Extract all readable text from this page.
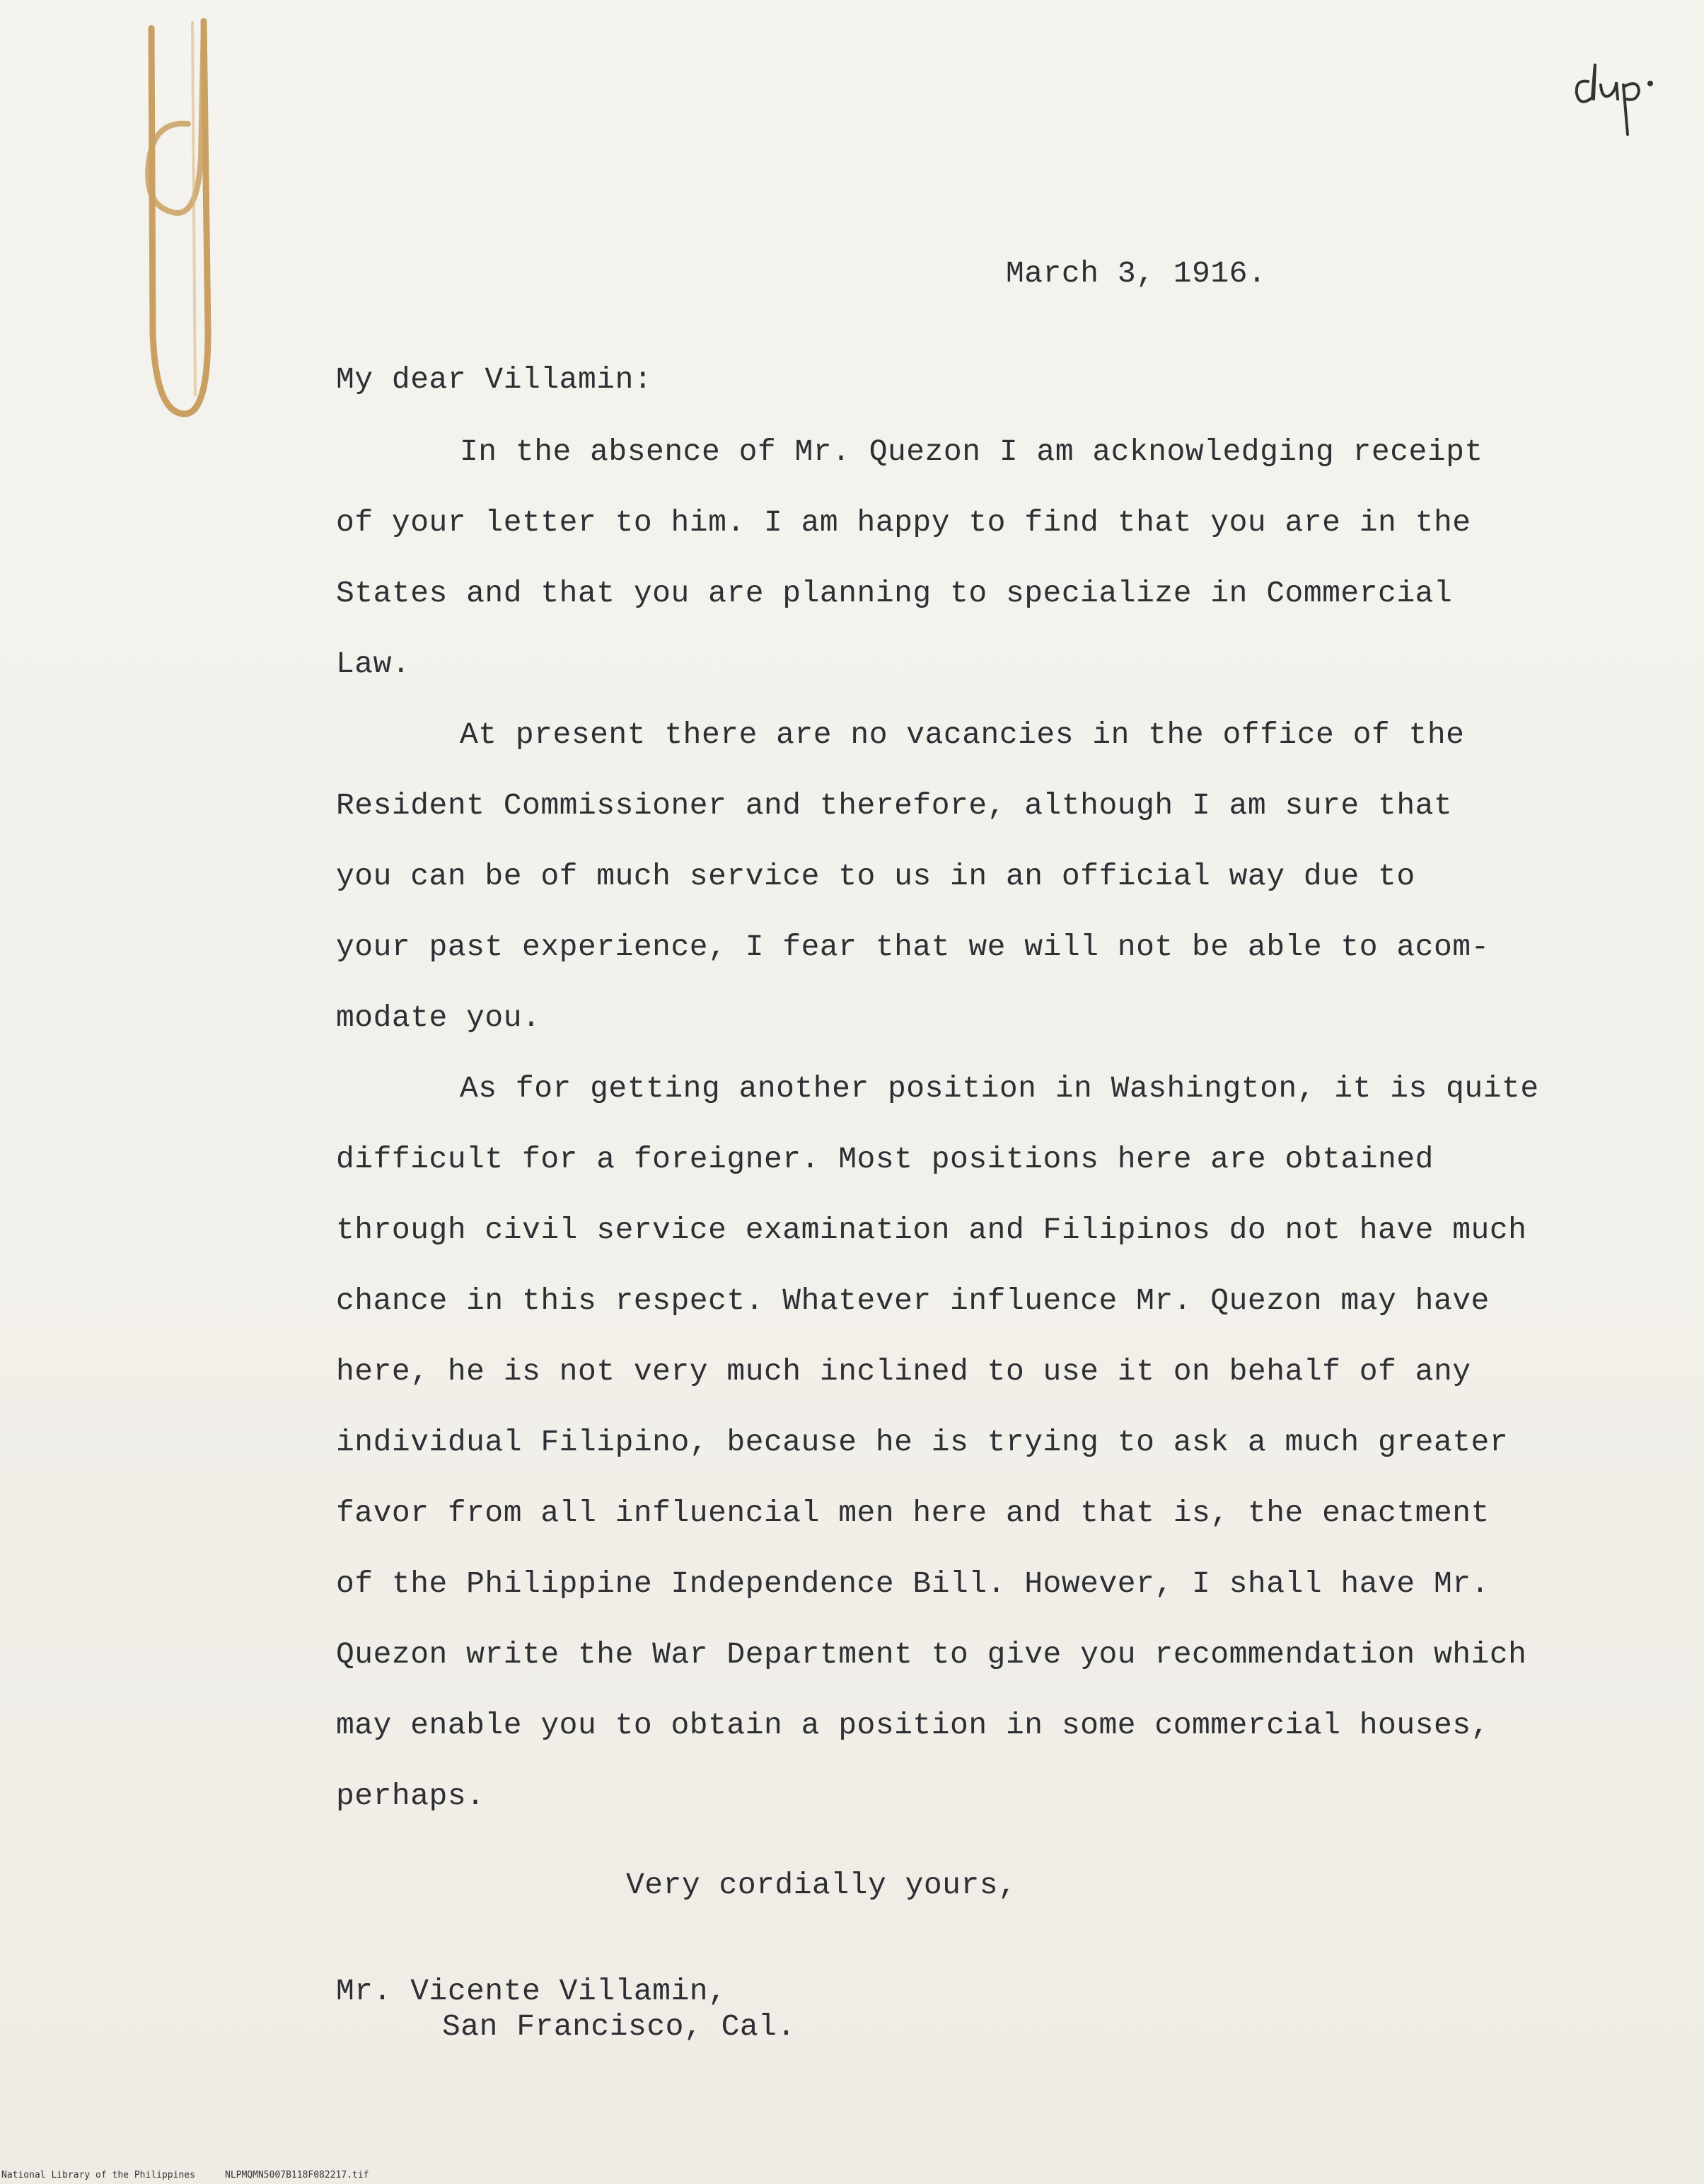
March 3, 1916.
My dear Villamin:
In the absence of Mr. Quezon I am acknowledging receipt
of your letter to him. I am happy to find that you are in the
States and that you are planning to specialize in Commercial
Law.
At present there are no vacancies in the office of the
Resident Commissioner and therefore, although I am sure that
you can be of much service to us in an official way due to
your past experience, I fear that we will not be able to acom-
modate you.
As for getting another position in Washington, it is quite
difficult for a foreigner. Most positions here are obtained
through civil service examination and Filipinos do not have much
chance in this respect. Whatever influence Mr. Quezon may have
here, he is not very much inclined to use it on behalf of any
individual Filipino, because he is trying to ask a much greater
favor from all influencial men here and that is, the enactment
of the Philippine Independence Bill. However, I shall have Mr.
Quezon write the War Department to give you recommendation which
may enable you to obtain a position in some commercial houses,
perhaps.
Very cordially yours,
Mr. Vicente Villamin,
San Francisco, Cal.
National Library of the Philippines	NLPMQMN5007B118F082217.tif
